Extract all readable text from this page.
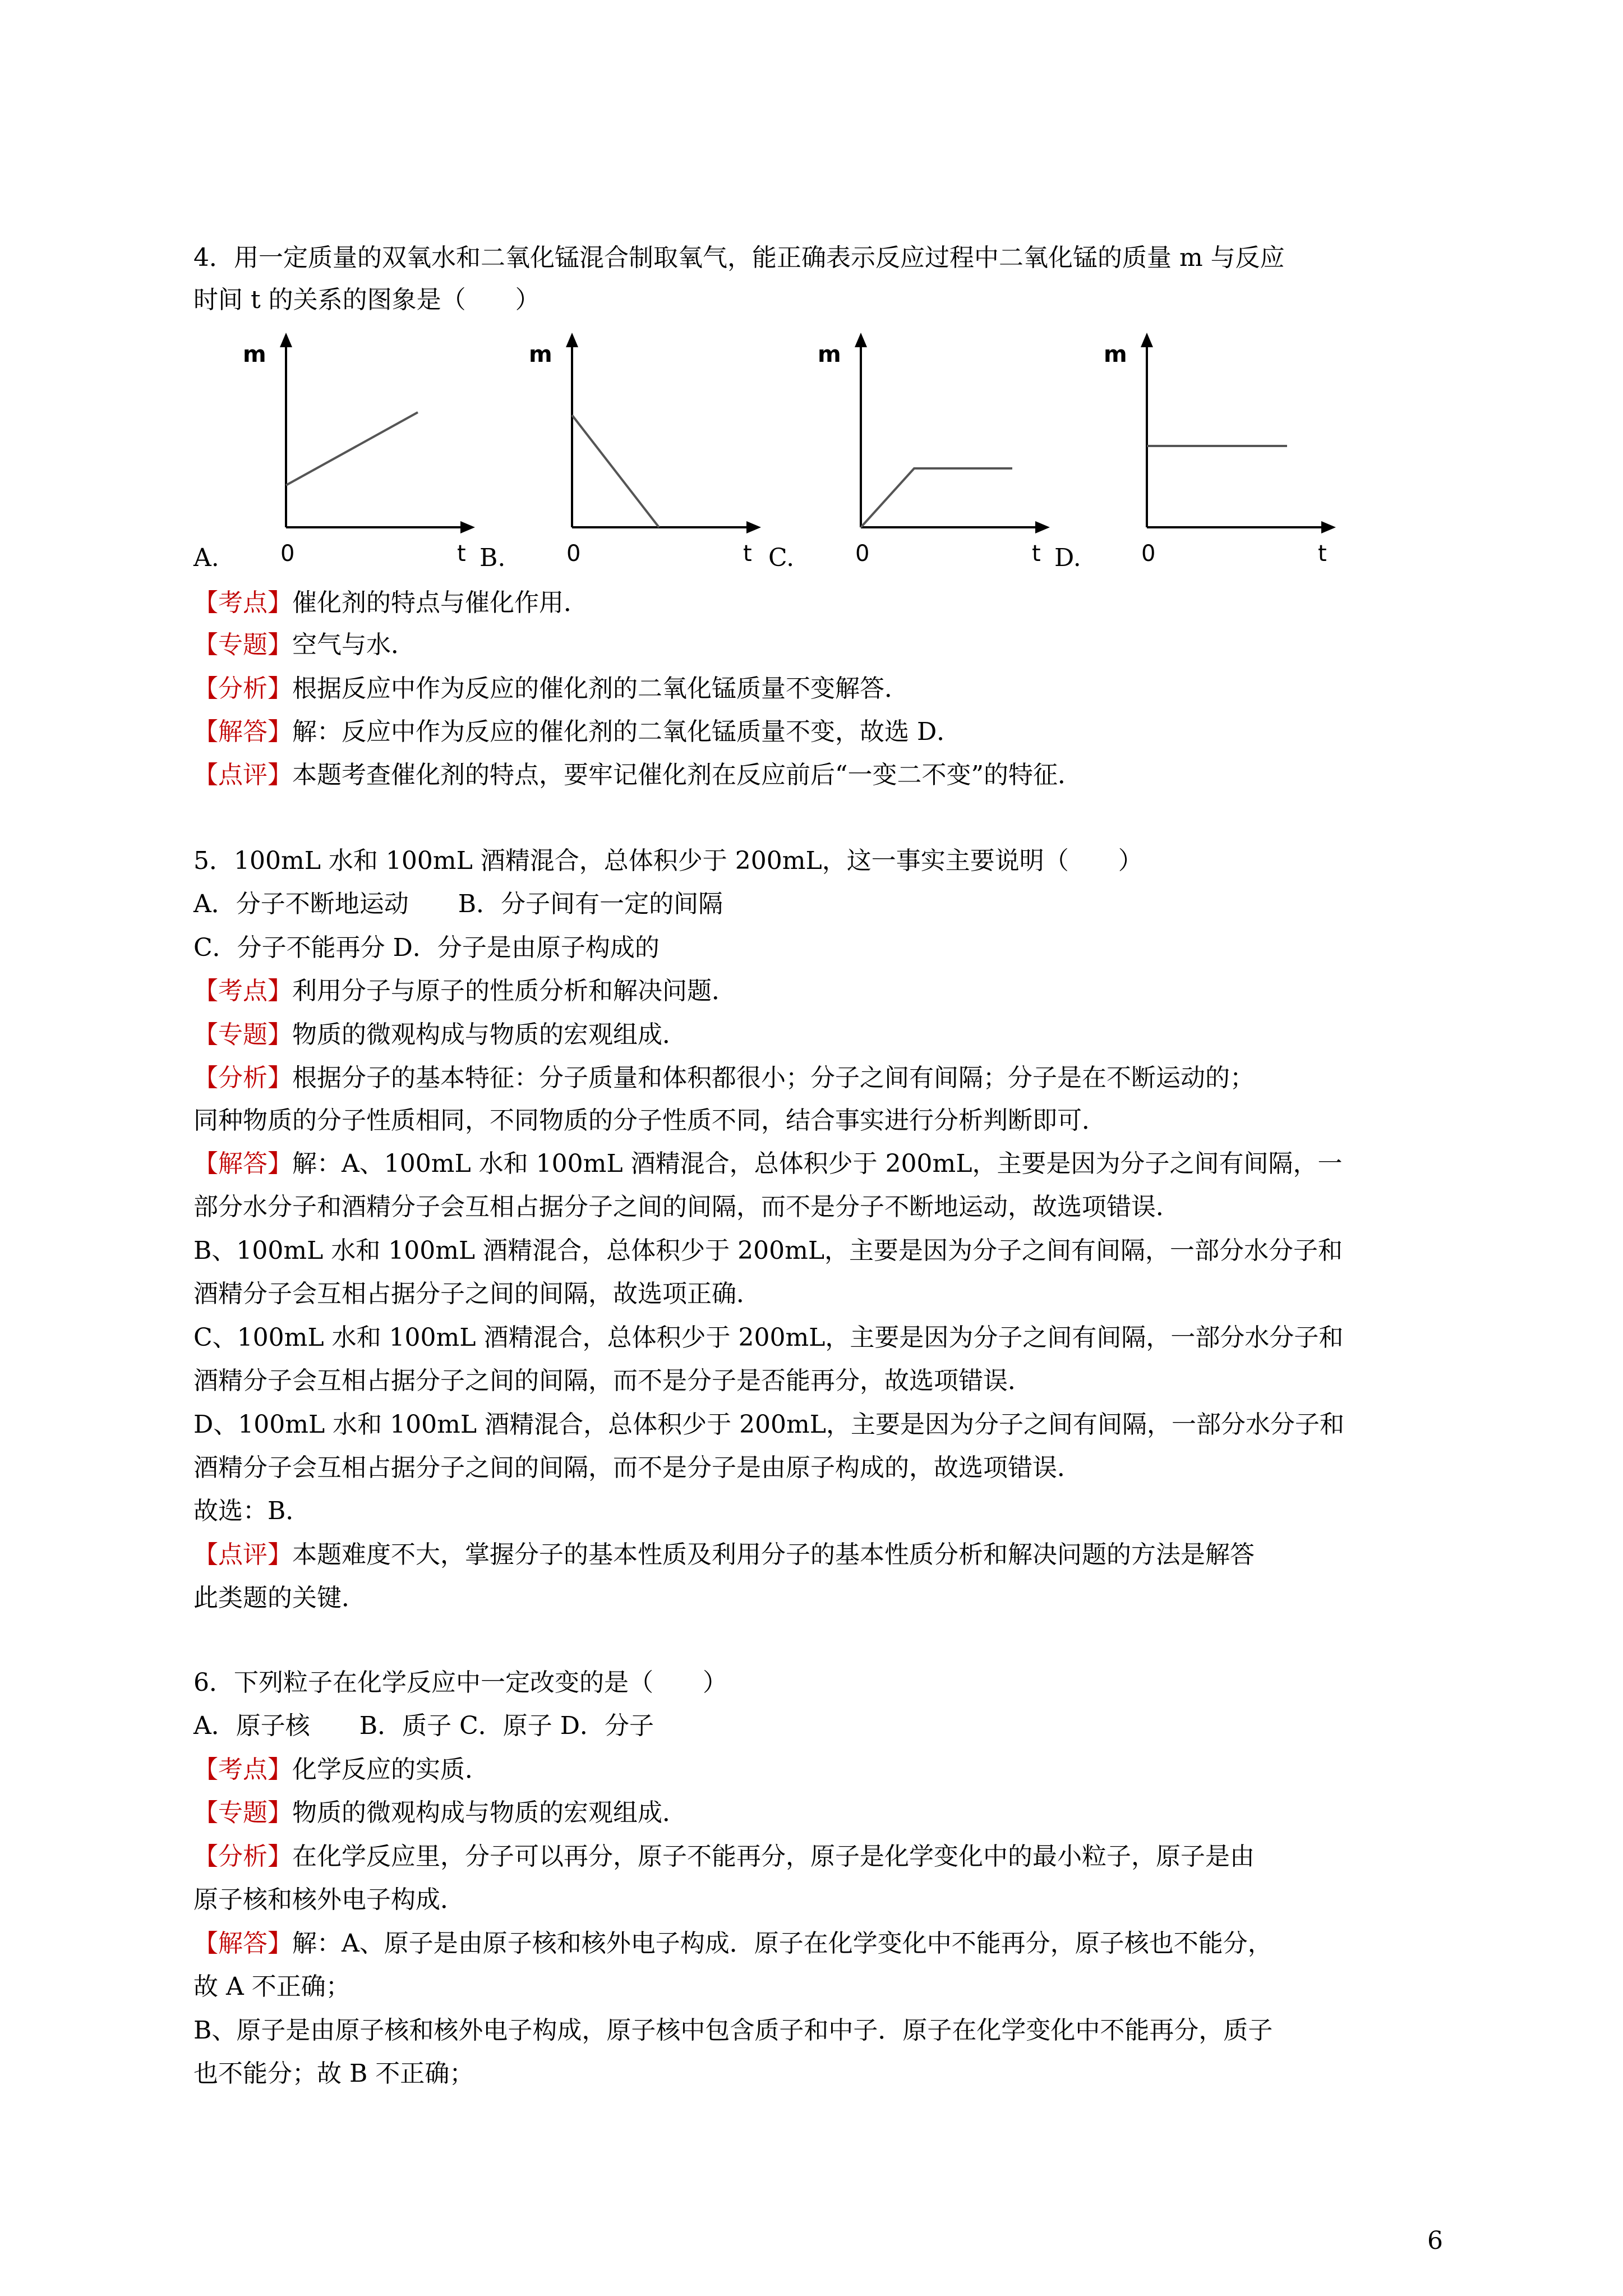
4．用一定质量的双氧水和二氧化锰混合制取氧气，能正确表示反应过程中二氧化锰的质量 m 与反应
时间 t 的关系的图象是（　　）
A.	B.	C.	D.
m
0	t
m
0	t
m
0	t
m
0	t
【考点】催化剂的特点与催化作用．
【专题】空气与水．
【分析】根据反应中作为反应的催化剂的二氧化锰质量不变解答．
【解答】解：反应中作为反应的催化剂的二氧化锰质量不变，故选 D．
【点评】本题考查催化剂的特点，要牢记催化剂在反应前后“一变二不变”的特征．
5．100mL 水和 100mL 酒精混合，总体积少于 200mL，这一事实主要说明（　　）
A．分子不断地运动　　B．分子间有一定的间隔
C．分子不能再分 D．分子是由原子构成的
【考点】利用分子与原子的性质分析和解决问题．
【专题】物质的微观构成与物质的宏观组成．
【分析】根据分子的基本特征：分子质量和体积都很小；分子之间有间隔；分子是在不断运动的；
同种物质的分子性质相同，不同物质的分子性质不同，结合事实进行分析判断即可．
【解答】解：A、100mL 水和 100mL 酒精混合，总体积少于 200mL，主要是因为分子之间有间隔，一
部分水分子和酒精分子会互相占据分子之间的间隔，而不是分子不断地运动，故选项错误．
B、100mL 水和 100mL 酒精混合，总体积少于 200mL，主要是因为分子之间有间隔，一部分水分子和
酒精分子会互相占据分子之间的间隔，故选项正确．
C、100mL 水和 100mL 酒精混合，总体积少于 200mL，主要是因为分子之间有间隔，一部分水分子和
酒精分子会互相占据分子之间的间隔，而不是分子是否能再分，故选项错误．
D、100mL 水和 100mL 酒精混合，总体积少于 200mL，主要是因为分子之间有间隔，一部分水分子和
酒精分子会互相占据分子之间的间隔，而不是分子是由原子构成的，故选项错误．
故选：B．
【点评】本题难度不大，掌握分子的基本性质及利用分子的基本性质分析和解决问题的方法是解答
此类题的关键．
6．下列粒子在化学反应中一定改变的是（　　）
A．原子核　　B．质子 C．原子 D．分子
【考点】化学反应的实质．
【专题】物质的微观构成与物质的宏观组成．
【分析】在化学反应里，分子可以再分，原子不能再分，原子是化学变化中的最小粒子，原子是由
原子核和核外电子构成．
【解答】解：A、原子是由原子核和核外电子构成．原子在化学变化中不能再分，原子核也不能分，
故 A 不正确；
B、原子是由原子核和核外电子构成，原子核中包含质子和中子．原子在化学变化中不能再分，质子
也不能分；故 B 不正确；
6
